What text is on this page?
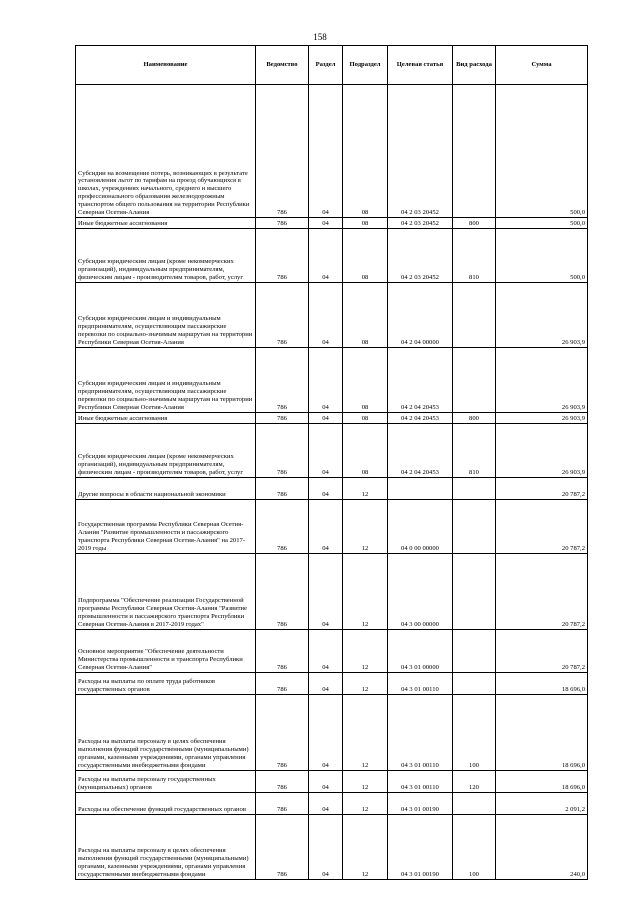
158
Наименование	Ведомство	Раздел	Подраздел	Целевая статья	Вид расхода	Сумма
Субсидии на возмещение потерь, возникающих в результате установления льгот по тарифам на проезд обучающихся в школах, учреждениях начального, среднего и высшего профессионального образования железнодорожным транспортом общего пользования на территории Республики Северная Осетия-Алания	786	04	08	04 2 03 20452		500,0
Иные бюджетные ассигнования	786	04	08	04 2 03 20452	800	500,0
Субсидии юридическим лицам (кроме некоммерческих организаций), индивидуальным предпринимателям, физическим лицам - производителям товаров, работ, услуг	786	04	08	04 2 03 20452	810	500,0
Субсидии юридическим лицам и индивидуальным предпринимателям, осуществляющим пассажирские перевозки по социально-значимым маршрутам на территории Республики Северная Осетия-Алания	786	04	08	04 2 04 00000		26 903,9
Субсидии юридическим лицам и индивидуальным предпринимателям, осуществляющим пассажирские перевозки по социально-значимым маршрутам на территории Республики Северная Осетия-Алания	786	04	08	04 2 04 20453		26 903,9
Иные бюджетные ассигнования	786	04	08	04 2 04 20453	800	26 903,9
Субсидии юридическим лицам (кроме некоммерческих организаций), индивидуальным предпринимателям, физическим лицам - производителям товаров, работ, услуг	786	04	08	04 2 04 20453	810	26 903,9
Другие вопросы в области национальной экономики	786	04	12			20 787,2
Государственная программа Республики Северная Осетия-Алания "Развитие промышленности и пассажирского транспорта Республики Северная Осетия-Алания" на 2017-2019 годы	786	04	12	04 0 00 00000		20 787,2
Подпрограмма "Обеспечение реализации Государственной программы Республики Северная Осетия-Алания "Развитие промышленности и пассажирского транспорта Республики Северная Осетия-Алания в 2017-2019 годах"	786	04	12	04 3 00 00000		20 787,2
Основное мероприятие "Обеспечение деятельности Министерства промышленности и транспорта Республики Северная Осетия-Алания"	786	04	12	04 3 01 00000		20 787,2
Расходы на выплаты по оплате труда работников государственных органов	786	04	12	04 3 01 00110		18 696,0
Расходы на выплаты персоналу в целях обеспечения выполнения функций государственными (муниципальными) органами, казенными учреждениями, органами управления государственными внебюджетными фондами	786	04	12	04 3 01 00110	100	18 696,0
Расходы на выплаты персоналу государственных (муниципальных) органов	786	04	12	04 3 01 00110	120	18 696,0
Расходы на обеспечение функций государственных органов	786	04	12	04 3 01 00190		2 091,2
Расходы на выплаты персоналу в целях обеспечения выполнения функций государственными (муниципальными) органами, казенными учреждениями, органами управления государственными внебюджетными фондами	786	04	12	04 3 01 00190	100	240,0
